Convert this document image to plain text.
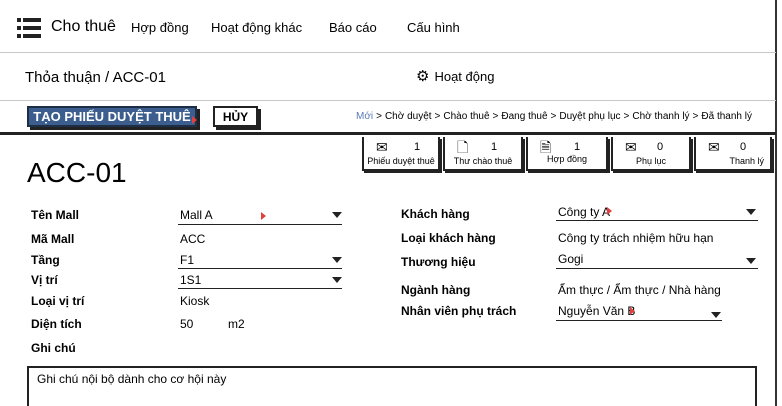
Cho thuê Hợp đồng Hoạt động khác Báo cáo Cấu hình
Thỏa thuận / ACC-01	⚙ Hoạt động
TẠO PHIẾU DUYỆT THUÊ	HỦY	Mới > Chờ duyệt > Chào thuê > Đang thuê > Duyệt phụ lục > Chờ thanh lý > Đã thanh lý
✉ 1
Phiếu duyệt thuê
🗋 1
Thư chào thuê
🗎 1
Hợp đồng
✉ 0
Phụ lục
✉ 0
Thanh lý
ACC-01
Tên Mall	Mall A
Mã Mall	ACC
Tầng	F1
Vị trí	1S1
Loại vị trí	Kiosk
Diện tích	50	m2
Ghi chú
Khách hàng	Công ty A
Loại khách hàng	Công ty trách nhiệm hữu hạn
Thương hiệu	Gogi
Ngành hàng	Ẩm thực / Ẩm thực / Nhà hàng
Nhân viên phụ trách	Nguyễn Văn B
Ghi chú nội bộ dành cho cơ hội này
